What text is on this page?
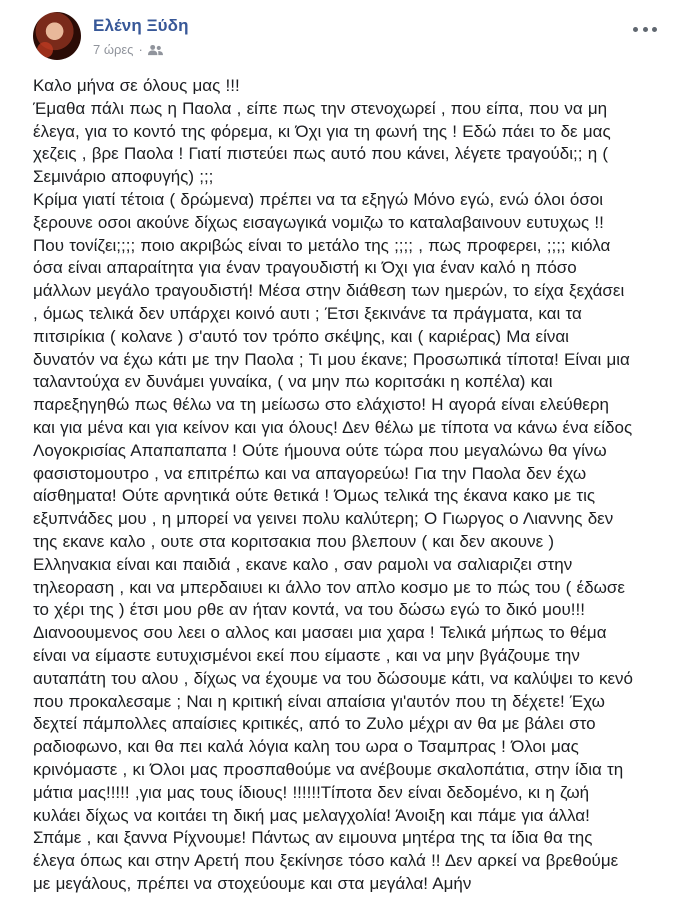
Ελένη Ξύδη
7 ώρες ·
Καλο μήνα σε όλους μας !!!
Έμαθα πάλι πως η Παολα , είπε πως την στενοχωρεί , που είπα, που να μη
έλεγα, για το κοντό της φόρεμα, κι Όχι για τη φωνή της ! Εδώ πάει το δε μας
χεζεις , βρε Παολα ! Γιατί πιστεύει πως αυτό που κάνει, λέγετε τραγούδι;; η (
Σεμινάριο αποφυγής) ;;;
Κρίμα γιατί τέτοια ( δρώμενα) πρέπει να τα εξηγώ Μόνο εγώ, ενώ όλοι όσοι
ξερουνε οσοι ακούνε δίχως εισαγωγικά νομιζω το καταλαβαινουν ευτυχως !!
Που τονίζει;;;; ποιο ακριβώς είναι το μετάλο της ;;;; , πως προφερει, ;;;; κιόλα
όσα είναι απαραίτητα για έναν τραγουδιστή κι Όχι για έναν καλό η πόσο
μάλλων μεγάλο τραγουδιστή! Μέσα στην διάθεση των ημερών, το είχα ξεχάσει
, όμως τελικά δεν υπάρχει κοινό αυτι ; Έτσι ξεκινάνε τα πράγματα, και τα
πιτσιρίκια ( κολανε ) σ'αυτό τον τρόπο σκέψης, και ( καριέρας) Μα είναι
δυνατόν να έχω κάτι με την Παολα ; Τι μου έκανε; Προσωπικά τίποτα! Είναι μια
ταλαντούχα εν δυνάμει γυναίκα, ( να μην πω κοριτσάκι η κοπέλα) και
παρεξηγηθώ πως θέλω να τη μείωσω στο ελάχιστο! Η αγορά είναι ελεύθερη
και για μένα και για κείνον και για όλους! Δεν θέλω με τίποτα να κάνω ένα είδος
Λογοκρισίας Απαπαπαπα ! Ούτε ήμουνα ούτε τώρα που μεγαλώνω θα γίνω
φασιστομουτρο , να επιτρέπω και να απαγορεύω! Για την Παολα δεν έχω
αίσθηματα! Ούτε αρνητικά ούτε θετικά ! Όμως τελικά της έκανα κακο με τις
εξυπνάδες μου , η μπορεί να γεινει πολυ καλύτερη; Ο Γιωργος ο Λιαννης δεν
της εκανε καλο , ουτε στα κοριτσακια που βλεπουν ( και δεν ακουνε )
Ελληνακια είναι και παιδιά , εκανε καλο , σαν ραμολι να σαλιαριζει στην
τηλεοραση , και να μπερδαιυει κι άλλο τον απλο κοσμο με το πώς του ( έδωσε
το χέρι της ) έτσι μου ρθε αν ήταν κοντά, να του δώσω εγώ το δικό μου!!!
Διανοουμενος σου λεει ο αλλος και μασαει μια χαρα ! Τελικά μήπως το θέμα
είναι να είμαστε ευτυχισμένοι εκεί που είμαστε , και να μην βγάζουμε την
αυταπάτη του αλου , δίχως να έχουμε να του δώσουμε κάτι, να καλύψει το κενό
που προκαλεσαμε ; Ναι η κριτική είναι απαίσια γι'αυτόν που τη δέχετε! Έχω
δεχτεί πάμπολλες απαίσιες κριτικές, από το Ζυλο μέχρι αν θα με βάλει στο
ραδιοφωνο, και θα πει καλά λόγια καλη του ωρα ο Τσαμπρας ! Όλοι μας
κρινόμαστε , κι Όλοι μας προσπαθούμε να ανέβουμε σκαλοπάτια, στην ίδια τη
μάτια μας!!!!! ,για μας τους ίδιους! !!!!!!Τίποτα δεν είναι δεδομένο, κι η ζωή
κυλάει δίχως να κοιτάει τη δική μας μελαγχολία! Άνοιξη και πάμε για άλλα!
Σπάμε , και ξαννα Ρίχνουμε! Πάντως αν ειμουνα μητέρα της τα ίδια θα της
έλεγα όπως και στην Αρετή που ξεκίνησε τόσο καλά !! Δεν αρκεί να βρεθούμε
με μεγάλους, πρέπει να στοχεύουμε και στα μεγάλα! Αμήν
